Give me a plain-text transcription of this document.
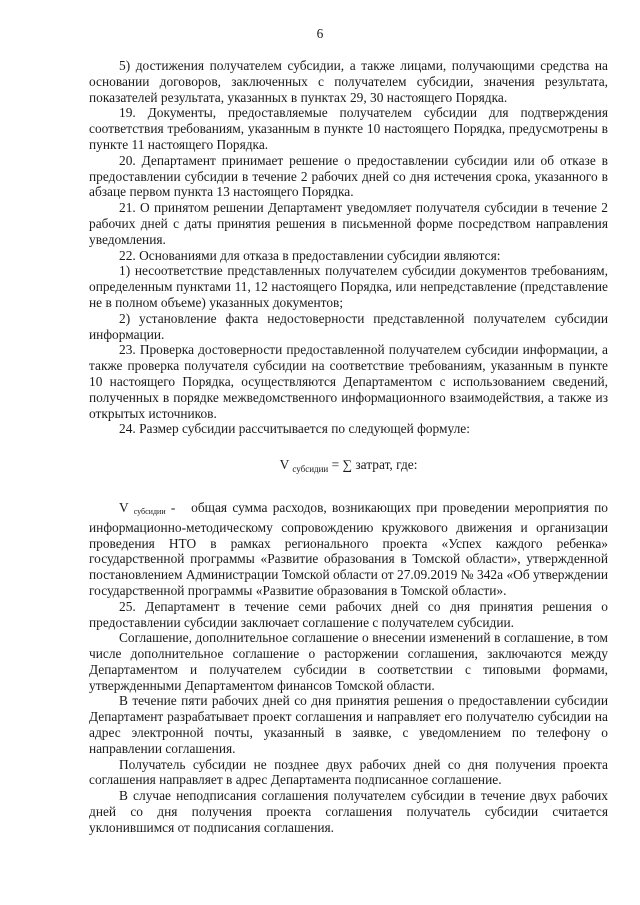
6

5) достижения получателем субсидии, а также лицами, получающими средства на основании договоров, заключенных с получателем субсидии, значения результата, показателей результата, указанных в пунктах 29, 30 настоящего Порядка.

19. Документы, предоставляемые получателем субсидии для подтверждения соответствия требованиям, указанным в пункте 10 настоящего Порядка, предусмотрены в пункте 11 настоящего Порядка.

20. Департамент принимает решение о предоставлении субсидии или об отказе в предоставлении субсидии в течение 2 рабочих дней со дня истечения срока, указанного в абзаце первом пункта 13 настоящего Порядка.

21. О принятом решении Департамент уведомляет получателя субсидии в течение 2 рабочих дней с даты принятия решения в письменной форме посредством направления уведомления.

22. Основаниями для отказа в предоставлении субсидии являются:

1) несоответствие представленных получателем субсидии документов требованиям, определенным пунктами 11, 12 настоящего Порядка, или непредставление (представление не в полном объеме) указанных документов;

2) установление факта недостоверности представленной получателем субсидии информации.

23. Проверка достоверности предоставленной получателем субсидии информации, а также проверка получателя субсидии на соответствие требованиям, указанным в пункте 10 настоящего Порядка, осуществляются Департаментом с использованием сведений, полученных в порядке межведомственного информационного взаимодействия, а также из открытых источников.

24. Размер субсидии рассчитывается по следующей формуле:

V $_{субсидии}$ = ∑ затрат, где:

V $_{субсидии}$ - общая сумма расходов, возникающих при проведении мероприятия по информационно-методическому сопровождению кружкового движения и организации проведения НТО в рамках регионального проекта «Успех каждого ребенка» государственной программы «Развитие образования в Томской области», утвержденной постановлением Администрации Томской области от 27.09.2019 № 342а «Об утверждении государственной программы «Развитие образования в Томской области».

25. Департамент в течение семи рабочих дней со дня принятия решения о предоставлении субсидии заключает соглашение с получателем субсидии.

Соглашение, дополнительное соглашение о внесении изменений в соглашение, в том числе дополнительное соглашение о расторжении соглашения, заключаются между Департаментом и получателем субсидии в соответствии с типовыми формами, утвержденными Департаментом финансов Томской области.

В течение пяти рабочих дней со дня принятия решения о предоставлении субсидии Департамент разрабатывает проект соглашения и направляет его получателю субсидии на адрес электронной почты, указанный в заявке, с уведомлением по телефону о направлении соглашения.

Получатель субсидии не позднее двух рабочих дней со дня получения проекта соглашения направляет в адрес Департамента подписанное соглашение.

В случае неподписания соглашения получателем субсидии в течение двух рабочих дней со дня получения проекта соглашения получатель субсидии считается уклонившимся от подписания соглашения.
